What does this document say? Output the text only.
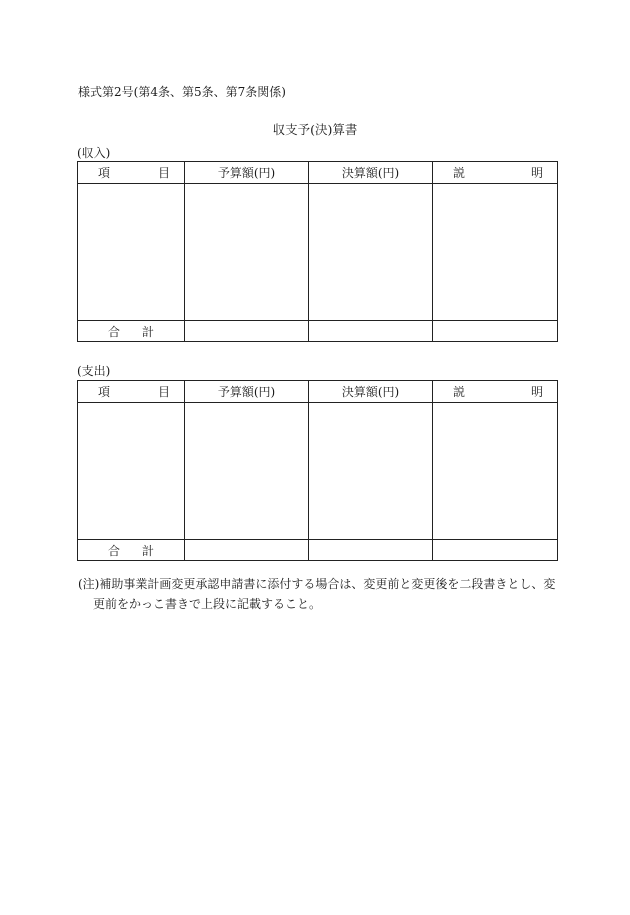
様式第2号(第4条、第5条、第7条関係)
収支予(決)算書
(収入)
項 目	予算額(円)	決算額(円)	説 明

合 計			

(支出)
項 目	予算額(円)	決算額(円)	説 明

合 計			

(注)補助事業計画変更承認申請書に添付する場合は、変更前と変更後を二段書きとし、変
更前をかっこ書きで上段に記載すること。
